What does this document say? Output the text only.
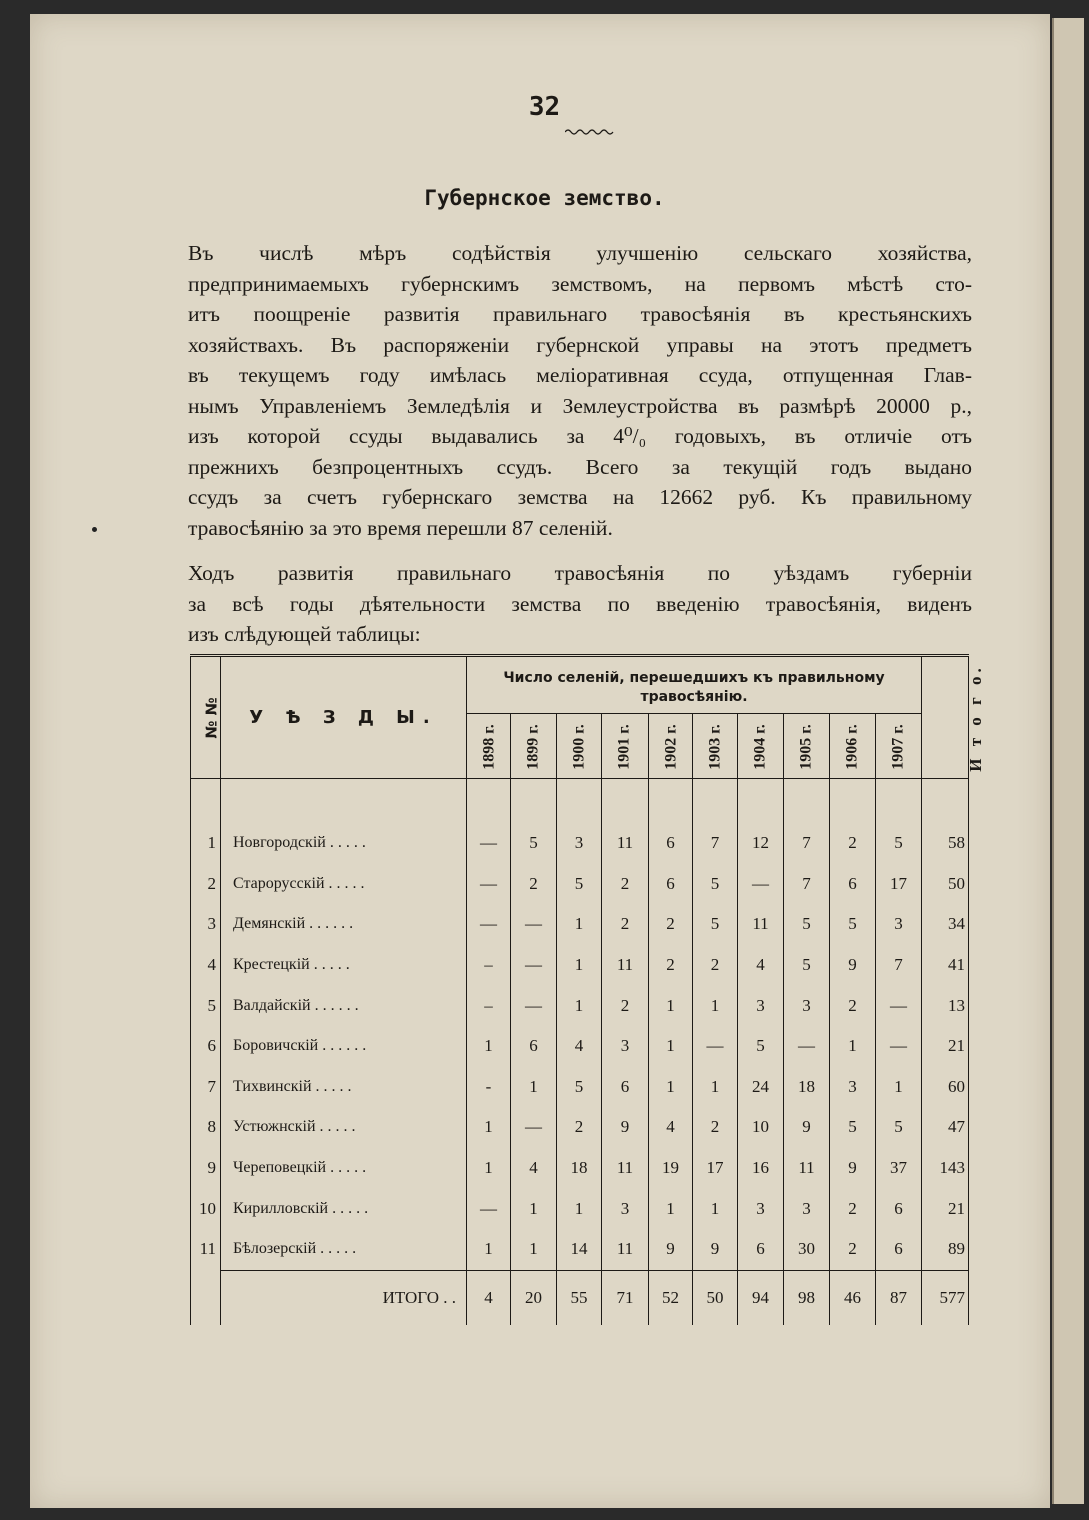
32
Губернское земство.
Въ числѣ мѣръ содѣйствія улучшенію сельскаго хозяйства,
предпринимаемыхъ губернскимъ земствомъ, на первомъ мѣстѣ сто-
итъ поощреніе развитія правильнаго травосѣянія въ крестьянскихъ
хозяйствахъ. Въ распоряженіи губернской управы на этотъ предметъ
въ текущемъ году имѣлась меліоративная ссуда, отпущенная Глав-
нымъ Управленіемъ Земледѣлія и Землеустройства въ размѣрѣ 20000 р.,
изъ которой ссуды выдавались за 4⁰/₀ годовыхъ, въ отличіе отъ
прежнихъ безпроцентныхъ ссудъ. Всего за текущій годъ выдано
ссудъ за счетъ губернскаго земства на 12662 руб. Къ правильному
травосѣянію за это время перешли 87 селеній.
Ходъ развитія правильнаго травосѣянія по уѣздамъ губерніи
за всѣ годы дѣятельности земства по введенію травосѣянія, виденъ
изъ слѣдующей таблицы:
№ №	У Ѣ З Д Ы.	Число селеній, перешедшихъ къ правильному травосѣянію.										И т о г о.
		1898 г.	1899 г.	1900 г.	1901 г.	1902 г.	1903 г.	1904 г.	1905 г.	1906 г.	1907 г.	

1	Новгородскій . . . . .	—	5	3	11	6	7	12	7	2	5	58
2	Старорусскій . . . . .	—	2	5	2	6	5	—	7	6	17	50
3	Демянскій . . . . . .	—	—	1	2	2	5	11	5	5	3	34
4	Крестецкій . . . . .	–	—	1	11	2	2	4	5	9	7	41
5	Валдайскій . . . . . .	–	—	1	2	1	1	3	3	2	—	13
6	Боровичскій . . . . . .	1	6	4	3	1	—	5	—	1	—	21
7	Тихвинскій . . . . .	-	1	5	6	1	1	24	18	3	1	60
8	Устюжнскій . . . . .	1	—	2	9	4	2	10	9	5	5	47
9	Череповецкій . . . . .	1	4	18	11	19	17	16	11	9	37	143
10	Кирилловскій . . . . .	—	1	1	3	1	1	3	3	2	6	21
11	Бѣлозерскій . . . . .	1	1	14	11	9	9	6	30	2	6	89
	ИТОГО . .	4	20	55	71	52	50	94	98	46	87	577
